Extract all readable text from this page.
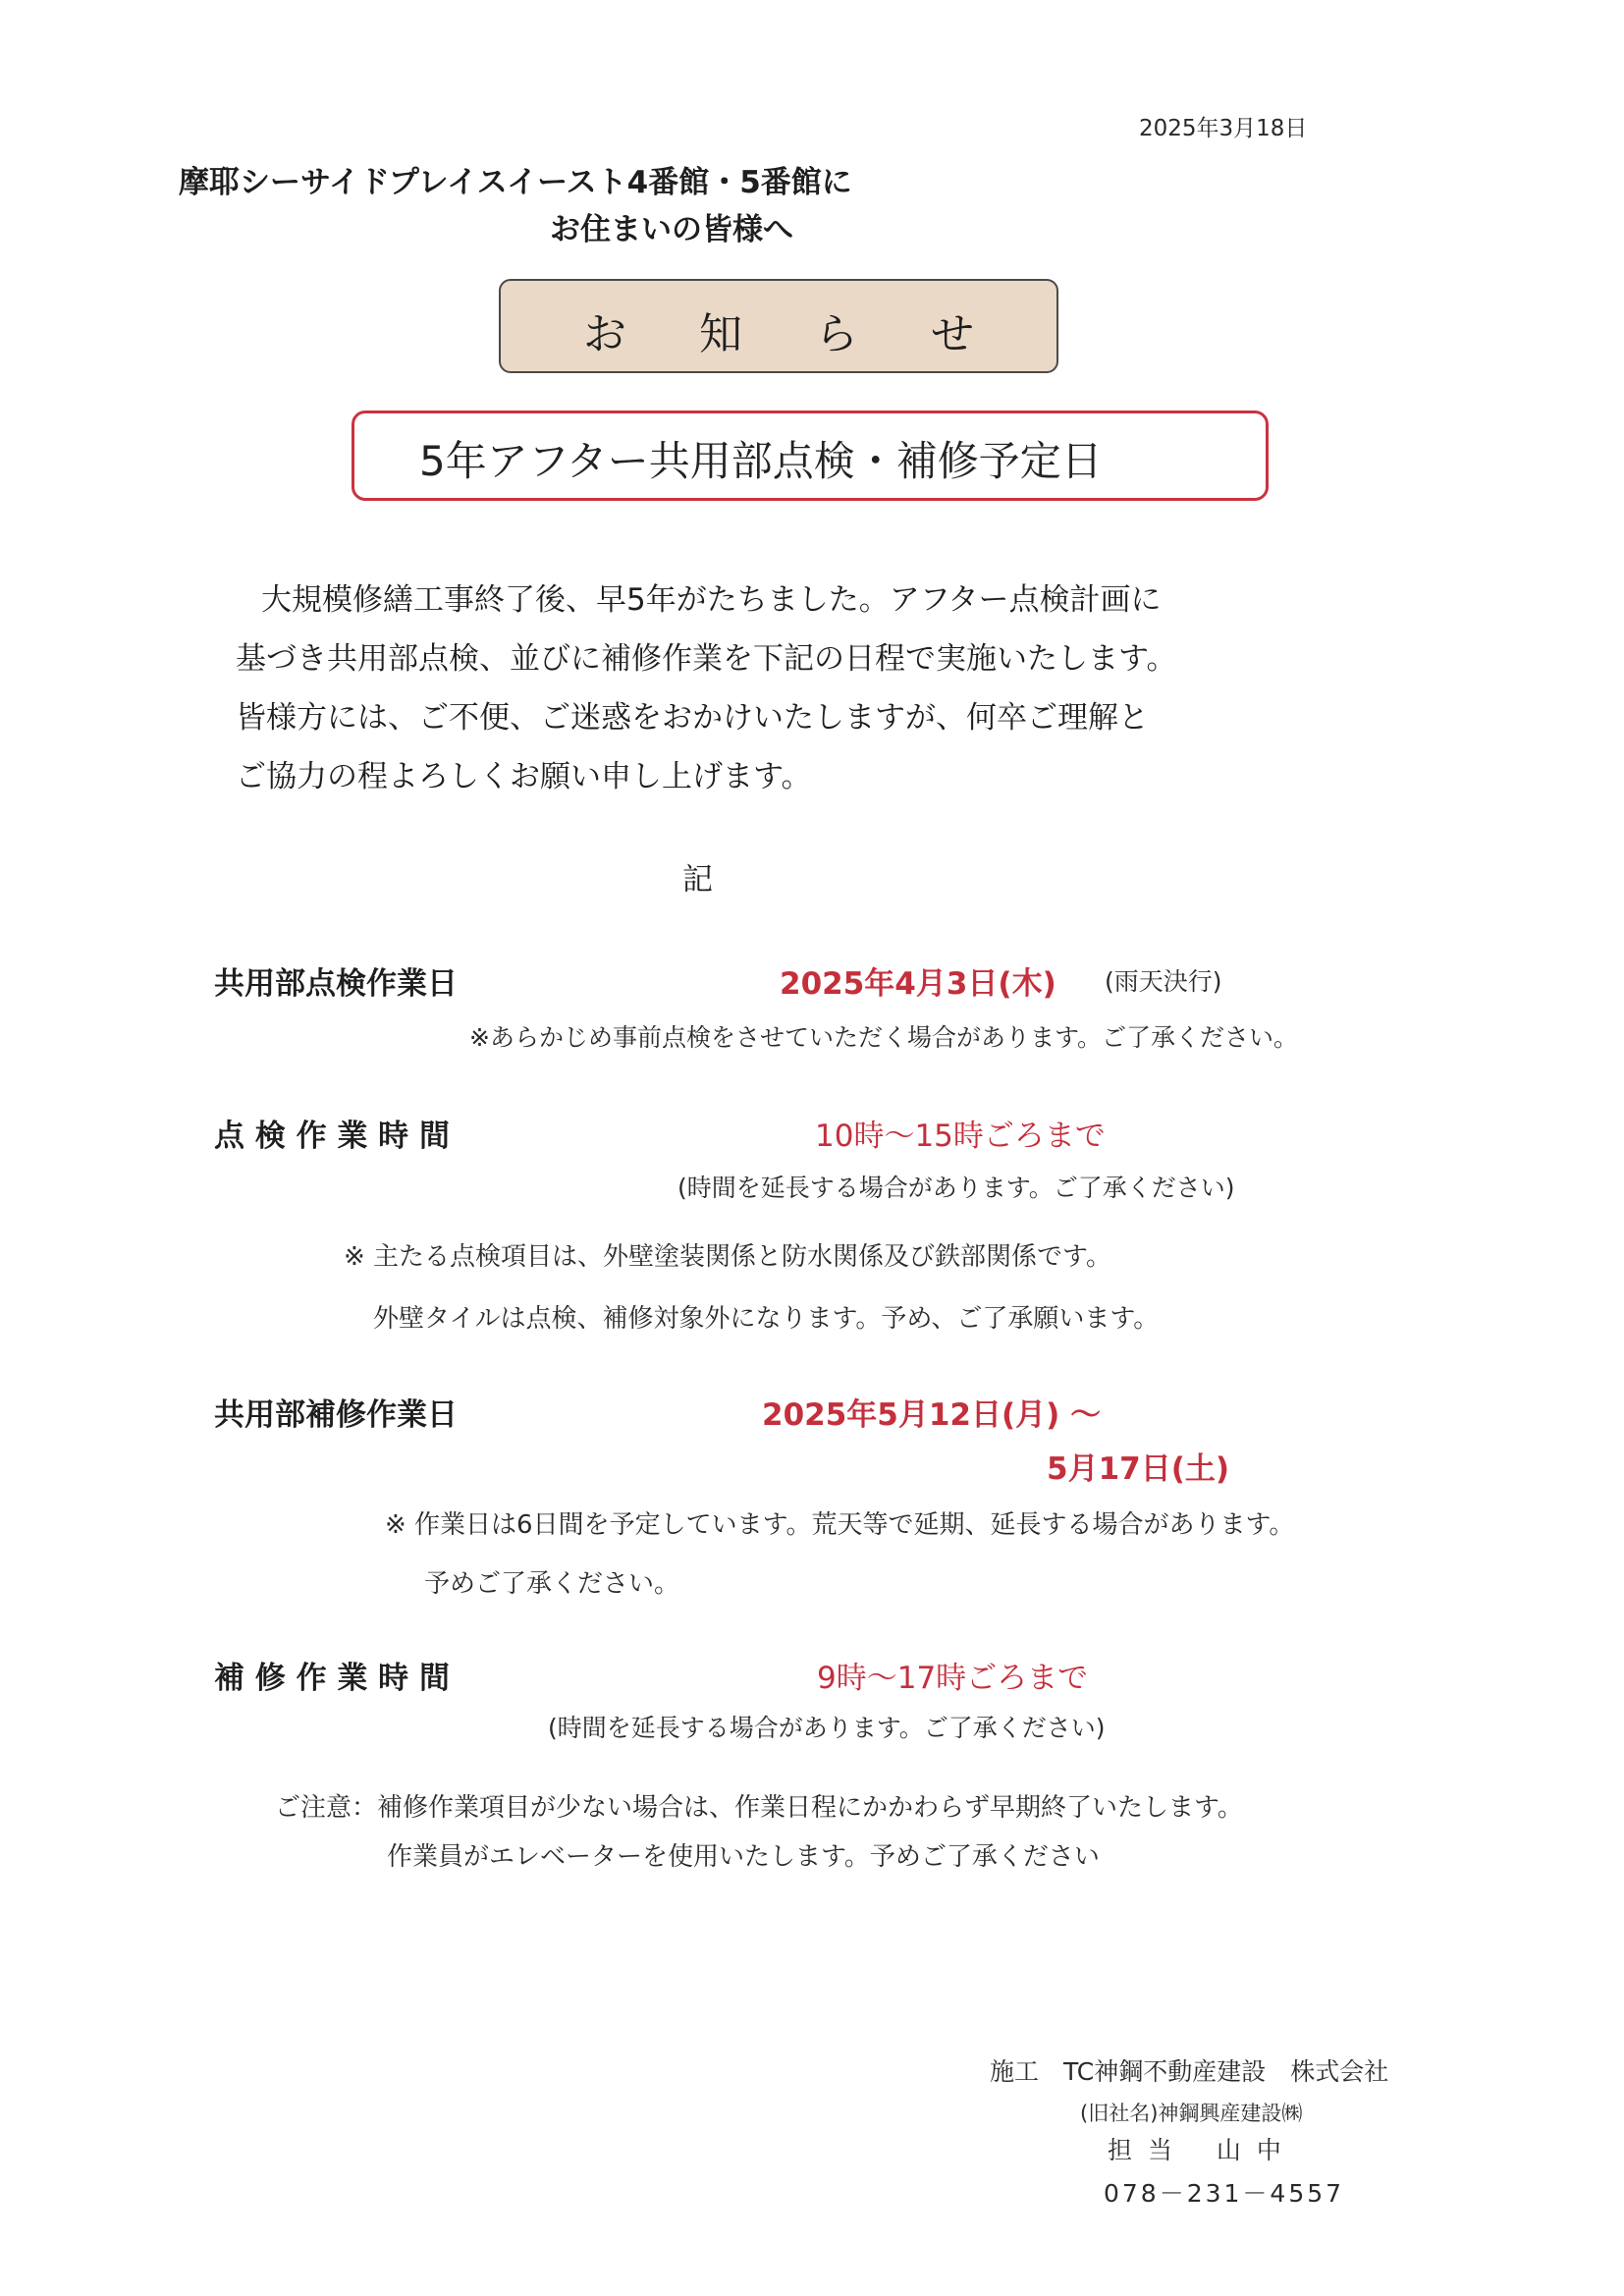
2025年3月18日
摩耶シーサイドプレイスイースト4番館・5番館に
お住まいの皆様へ
お 知 ら せ
5年アフター共用部点検・補修予定日
大規模修繕工事終了後、早5年がたちました。アフター点検計画に
基づき共用部点検、並びに補修作業を下記の日程で実施いたします。
皆様方には、ご不便、ご迷惑をおかけいたしますが、何卒ご理解と
ご協力の程よろしくお願い申し上げます。
記
共用部点検作業日	2025年4月3日(木) (雨天決行)
※あらかじめ事前点検をさせていただく場合があります。ご了承ください。
点 検 作 業 時 間	10時～15時ごろまで
(時間を延長する場合があります。ご了承ください)
※ 主たる点検項目は、外壁塗装関係と防水関係及び鉄部関係です。
外壁タイルは点検、補修対象外になります。予め、ご了承願います。
共用部補修作業日	2025年5月12日(月) ～
5月17日(土)
※ 作業日は6日間を予定しています。荒天等で延期、延長する場合があります。
予めご了承ください。
補 修 作 業 時 間	9時～17時ごろまで
(時間を延長する場合があります。ご了承ください)
ご注意：補修作業項目が少ない場合は、作業日程にかかわらず早期終了いたします。
作業員がエレベーターを使用いたします。予めご了承ください
施工　TC神鋼不動産建設　株式会社
(旧社名)神鋼興産建設㈱
担 当　 山 中
078－231－4557
